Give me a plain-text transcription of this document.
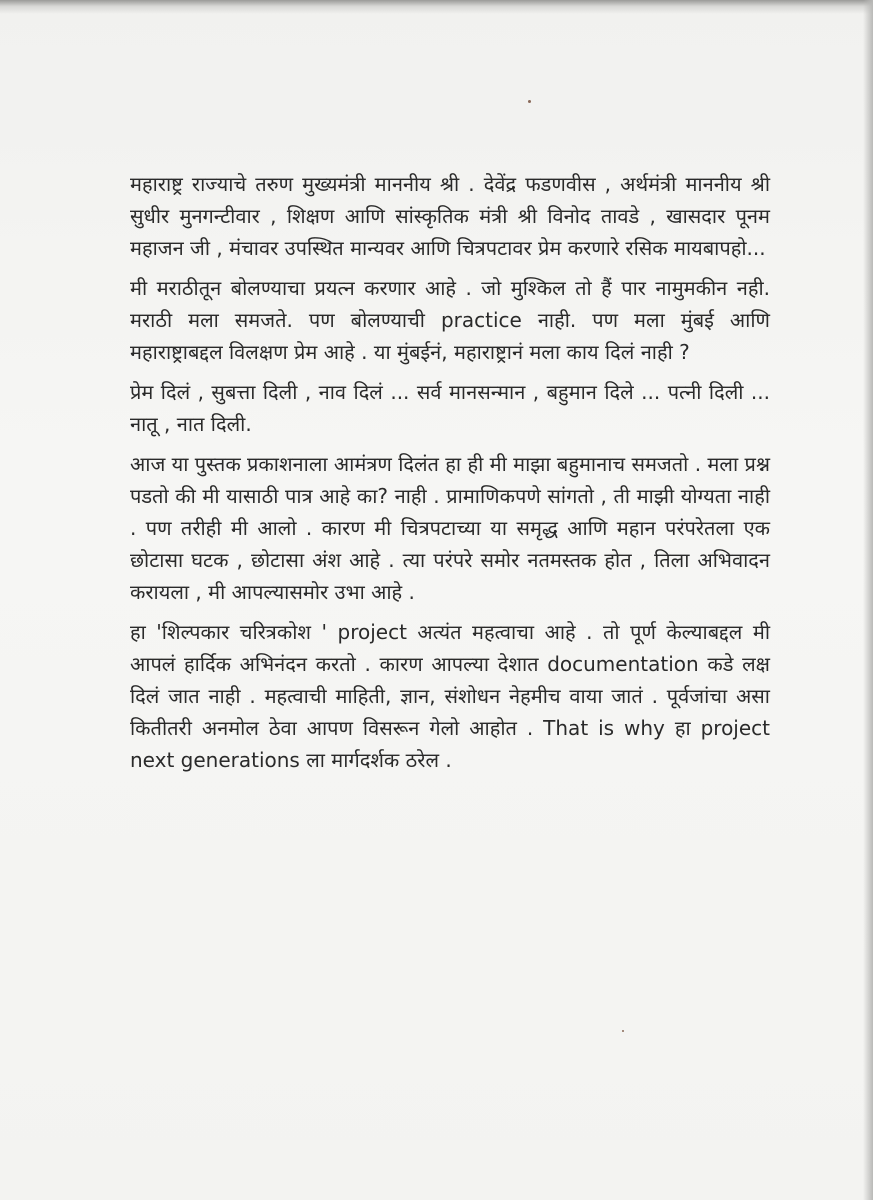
महाराष्ट्र राज्याचे तरुण मुख्यमंत्री माननीय श्री . देवेंद्र फडणवीस , अर्थमंत्री माननीय श्री सुधीर मुनगन्टीवार , शिक्षण आणि सांस्कृतिक मंत्री श्री विनोद तावडे , खासदार पूनम महाजन जी , मंचावर उपस्थित मान्यवर आणि चित्रपटावर प्रेम करणारे रसिक मायबापहो...

मी मराठीतून बोलण्याचा प्रयत्न करणार आहे . जो मुश्किल तो हैं पार नामुमकीन नही. मराठी मला समजते. पण बोलण्याची practice नाही. पण मला मुंबई आणि महाराष्ट्राबद्दल विलक्षण प्रेम आहे . या मुंबईनं, महाराष्ट्रानं मला काय दिलं नाही ?

प्रेम दिलं , सुबत्ता दिली , नाव दिलं ... सर्व मानसन्मान , बहुमान दिले ... पत्नी दिली ... नातू , नात दिली.

आज या पुस्तक प्रकाशनाला आमंत्रण दिलंत हा ही मी माझा बहुमानाच समजतो . मला प्रश्न पडतो की मी यासाठी पात्र आहे का? नाही . प्रामाणिकपणे सांगतो , ती माझी योग्यता नाही . पण तरीही मी आलो . कारण मी चित्रपटाच्या या समृद्ध आणि महान परंपरेतला एक छोटासा घटक , छोटासा अंश आहे . त्या परंपरे समोर नतमस्तक होत , तिला अभिवादन करायला , मी आपल्यासमोर उभा आहे .

हा 'शिल्पकार चरित्रकोश ' project अत्यंत महत्वाचा आहे . तो पूर्ण केल्याबद्दल मी आपलं हार्दिक अभिनंदन करतो . कारण आपल्या देशात documentation कडे लक्ष दिलं जात नाही . महत्वाची माहिती, ज्ञान, संशोधन नेहमीच वाया जातं . पूर्वजांचा असा कितीतरी अनमोल ठेवा आपण विसरून गेलो आहोत . That is why हा project next generations ला मार्गदर्शक ठरेल .
